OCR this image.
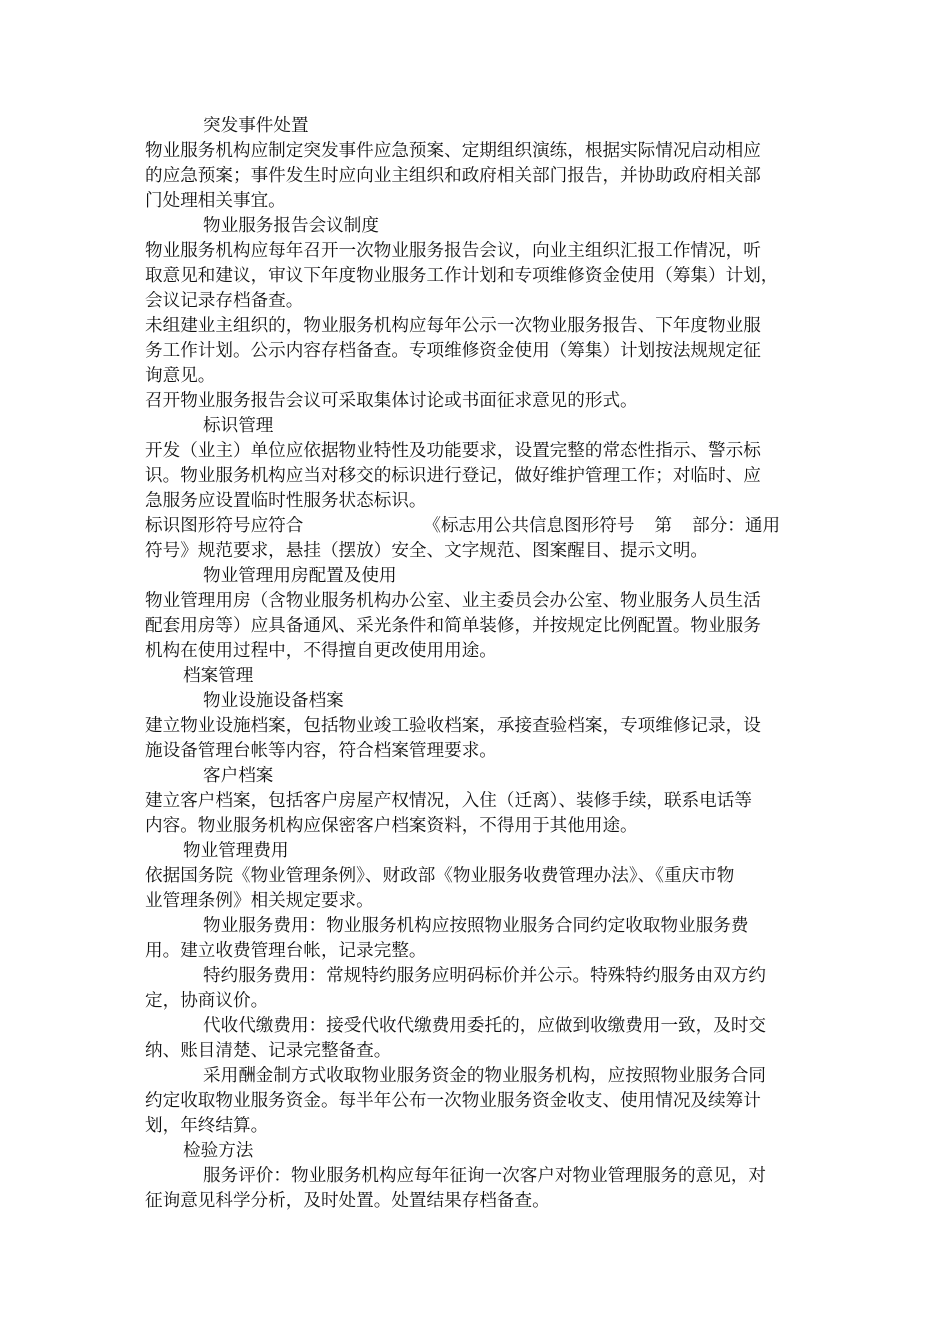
突发事件处置
物业服务机构应制定突发事件应急预案、定期组织演练，根据实际情况启动相应
的应急预案；事件发生时应向业主组织和政府相关部门报告，并协助政府相关部
门处理相关事宜。
物业服务报告会议制度
物业服务机构应每年召开一次物业服务报告会议，向业主组织汇报工作情况，听
取意见和建议，审议下年度物业服务工作计划和专项维修资金使用（筹集）计划，
会议记录存档备查。
未组建业主组织的，物业服务机构应每年公示一次物业服务报告、下年度物业服
务工作计划。公示内容存档备查。专项维修资金使用（筹集）计划按法规规定征
询意见。
召开物业服务报告会议可采取集体讨论或书面征求意见的形式。
标识管理
开发（业主）单位应依据物业特性及功能要求，设置完整的常态性指示、警示标
识。物业服务机构应当对移交的标识进行登记，做好维护管理工作；对临时、应
急服务应设置临时性服务状态标识。
标识图形符号应符合	《标志用公共信息图形符号 第 部分：通用
符号》规范要求，悬挂（摆放）安全、文字规范、图案醒目、提示文明。
物业管理用房配置及使用
物业管理用房（含物业服务机构办公室、业主委员会办公室、物业服务人员生活
配套用房等）应具备通风、采光条件和简单装修，并按规定比例配置。物业服务
机构在使用过程中，不得擅自更改使用用途。
档案管理
物业设施设备档案
建立物业设施档案，包括物业竣工验收档案，承接查验档案，专项维修记录，设
施设备管理台帐等内容，符合档案管理要求。
客户档案
建立客户档案，包括客户房屋产权情况，入住（迁离）、装修手续，联系电话等
内容。物业服务机构应保密客户档案资料，不得用于其他用途。
物业管理费用
依据国务院《物业管理条例》、财政部《物业服务收费管理办法》、《重庆市物
业管理条例》相关规定要求。
物业服务费用：物业服务机构应按照物业服务合同约定收取物业服务费
用。建立收费管理台帐，记录完整。
特约服务费用：常规特约服务应明码标价并公示。特殊特约服务由双方约
定，协商议价。
代收代缴费用：接受代收代缴费用委托的，应做到收缴费用一致，及时交
纳、账目清楚、记录完整备查。
采用酬金制方式收取物业服务资金的物业服务机构，应按照物业服务合同
约定收取物业服务资金。每半年公布一次物业服务资金收支、使用情况及续筹计
划，年终结算。
检验方法
服务评价：物业服务机构应每年征询一次客户对物业管理服务的意见，对
征询意见科学分析，及时处置。处置结果存档备查。
